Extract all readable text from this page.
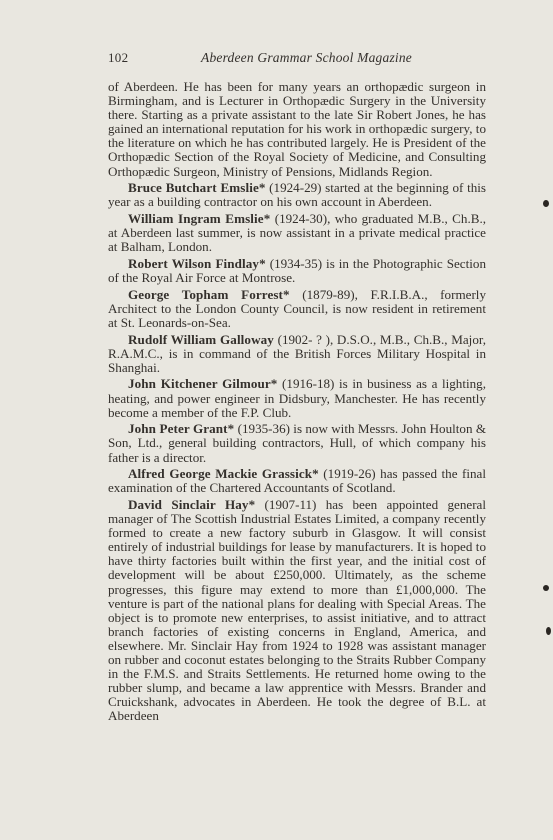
102	Aberdeen Grammar School Magazine

of Aberdeen. He has been for many years an orthopædic surgeon in Birmingham, and is Lecturer in Orthopædic Surgery in the University there. Starting as a private assistant to the late Sir Robert Jones, he has gained an international reputation for his work in orthopædic surgery, to the literature on which he has contributed largely. He is President of the Orthopædic Section of the Royal Society of Medicine, and Consulting Orthopædic Surgeon, Ministry of Pensions, Midlands Region.

Bruce Butchart Emslie* (1924-29) started at the beginning of this year as a building contractor on his own account in Aberdeen.

William Ingram Emslie* (1924-30), who graduated M.B., Ch.B., at Aberdeen last summer, is now assistant in a private medical practice at Balham, London.

Robert Wilson Findlay* (1934-35) is in the Photographic Section of the Royal Air Force at Montrose.

George Topham Forrest* (1879-89), F.R.I.B.A., formerly Architect to the London County Council, is now resident in retirement at St. Leonards-on-Sea.

Rudolf William Galloway (1902- ? ), D.S.O., M.B., Ch.B., Major, R.A.M.C., is in command of the British Forces Military Hospital in Shanghai.

John Kitchener Gilmour* (1916-18) is in business as a lighting, heating, and power engineer in Didsbury, Manchester. He has recently become a member of the F.P. Club.

John Peter Grant* (1935-36) is now with Messrs. John Houlton & Son, Ltd., general building contractors, Hull, of which company his father is a director.

Alfred George Mackie Grassick* (1919-26) has passed the final examination of the Chartered Accountants of Scotland.

David Sinclair Hay* (1907-11) has been appointed general manager of The Scottish Industrial Estates Limited, a company recently formed to create a new factory suburb in Glasgow. It will consist entirely of industrial buildings for lease by manufacturers. It is hoped to have thirty factories built within the first year, and the initial cost of development will be about £250,000. Ultimately, as the scheme progresses, this figure may extend to more than £1,000,000. The venture is part of the national plans for dealing with Special Areas. The object is to promote new enterprises, to assist initiative, and to attract branch factories of existing concerns in England, America, and elsewhere. Mr. Sinclair Hay from 1924 to 1928 was assistant manager on rubber and coconut estates belonging to the Straits Rubber Company in the F.M.S. and Straits Settlements. He returned home owing to the rubber slump, and became a law apprentice with Messrs. Brander and Cruickshank, advocates in Aberdeen. He took the degree of B.L. at Aberdeen
